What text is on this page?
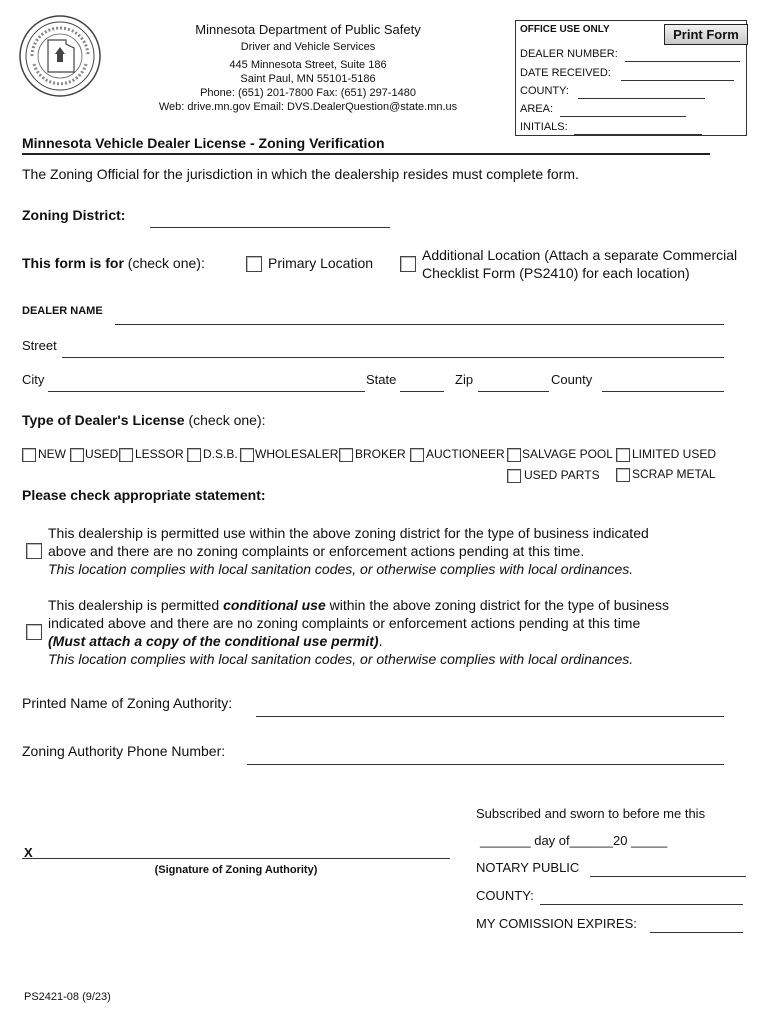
Minnesota Department of Public Safety
Driver and Vehicle Services
445 Minnesota Street, Suite 186
Saint Paul, MN 55101-5186
Phone: (651) 201-7800 Fax: (651) 297-1480
Web: drive.mn.gov Email: DVS.DealerQuestion@state.mn.us
OFFICE USE ONLY	Print Form
DEALER NUMBER:
DATE RECEIVED:
COUNTY:
AREA:
INITIALS:
Minnesota Vehicle Dealer License - Zoning Verification
The Zoning Official for the jurisdiction in which the dealership resides must complete form.
Zoning District:
This form is for (check one):	Primary Location	Additional Location (Attach a separate Commercial
Checklist Form (PS2410) for each location)
DEALER NAME
Street
City	State	Zip	County
Type of Dealer's License (check one):
NEW USED LESSOR D.S.B. WHOLESALER BROKER AUCTIONEER SALVAGE POOL LIMITED USED
USED PARTS	SCRAP METAL
Please check appropriate statement:
This dealership is permitted use within the above zoning district for the type of business indicated
above and there are no zoning complaints or enforcement actions pending at this time.
This location complies with local sanitation codes, or otherwise complies with local ordinances.
This dealership is permitted conditional use within the above zoning district for the type of business
indicated above and there are no zoning complaints or enforcement actions pending at this time
(Must attach a copy of the conditional use permit).
This location complies with local sanitation codes, or otherwise complies with local ordinances.
Printed Name of Zoning Authority:
Zoning Authority Phone Number:
X
(Signature of Zoning Authority)
Subscribed and sworn to before me this
_______ day of______20 _____
NOTARY PUBLIC
COUNTY:
MY COMISSION EXPIRES:
PS2421-08 (9/23)
